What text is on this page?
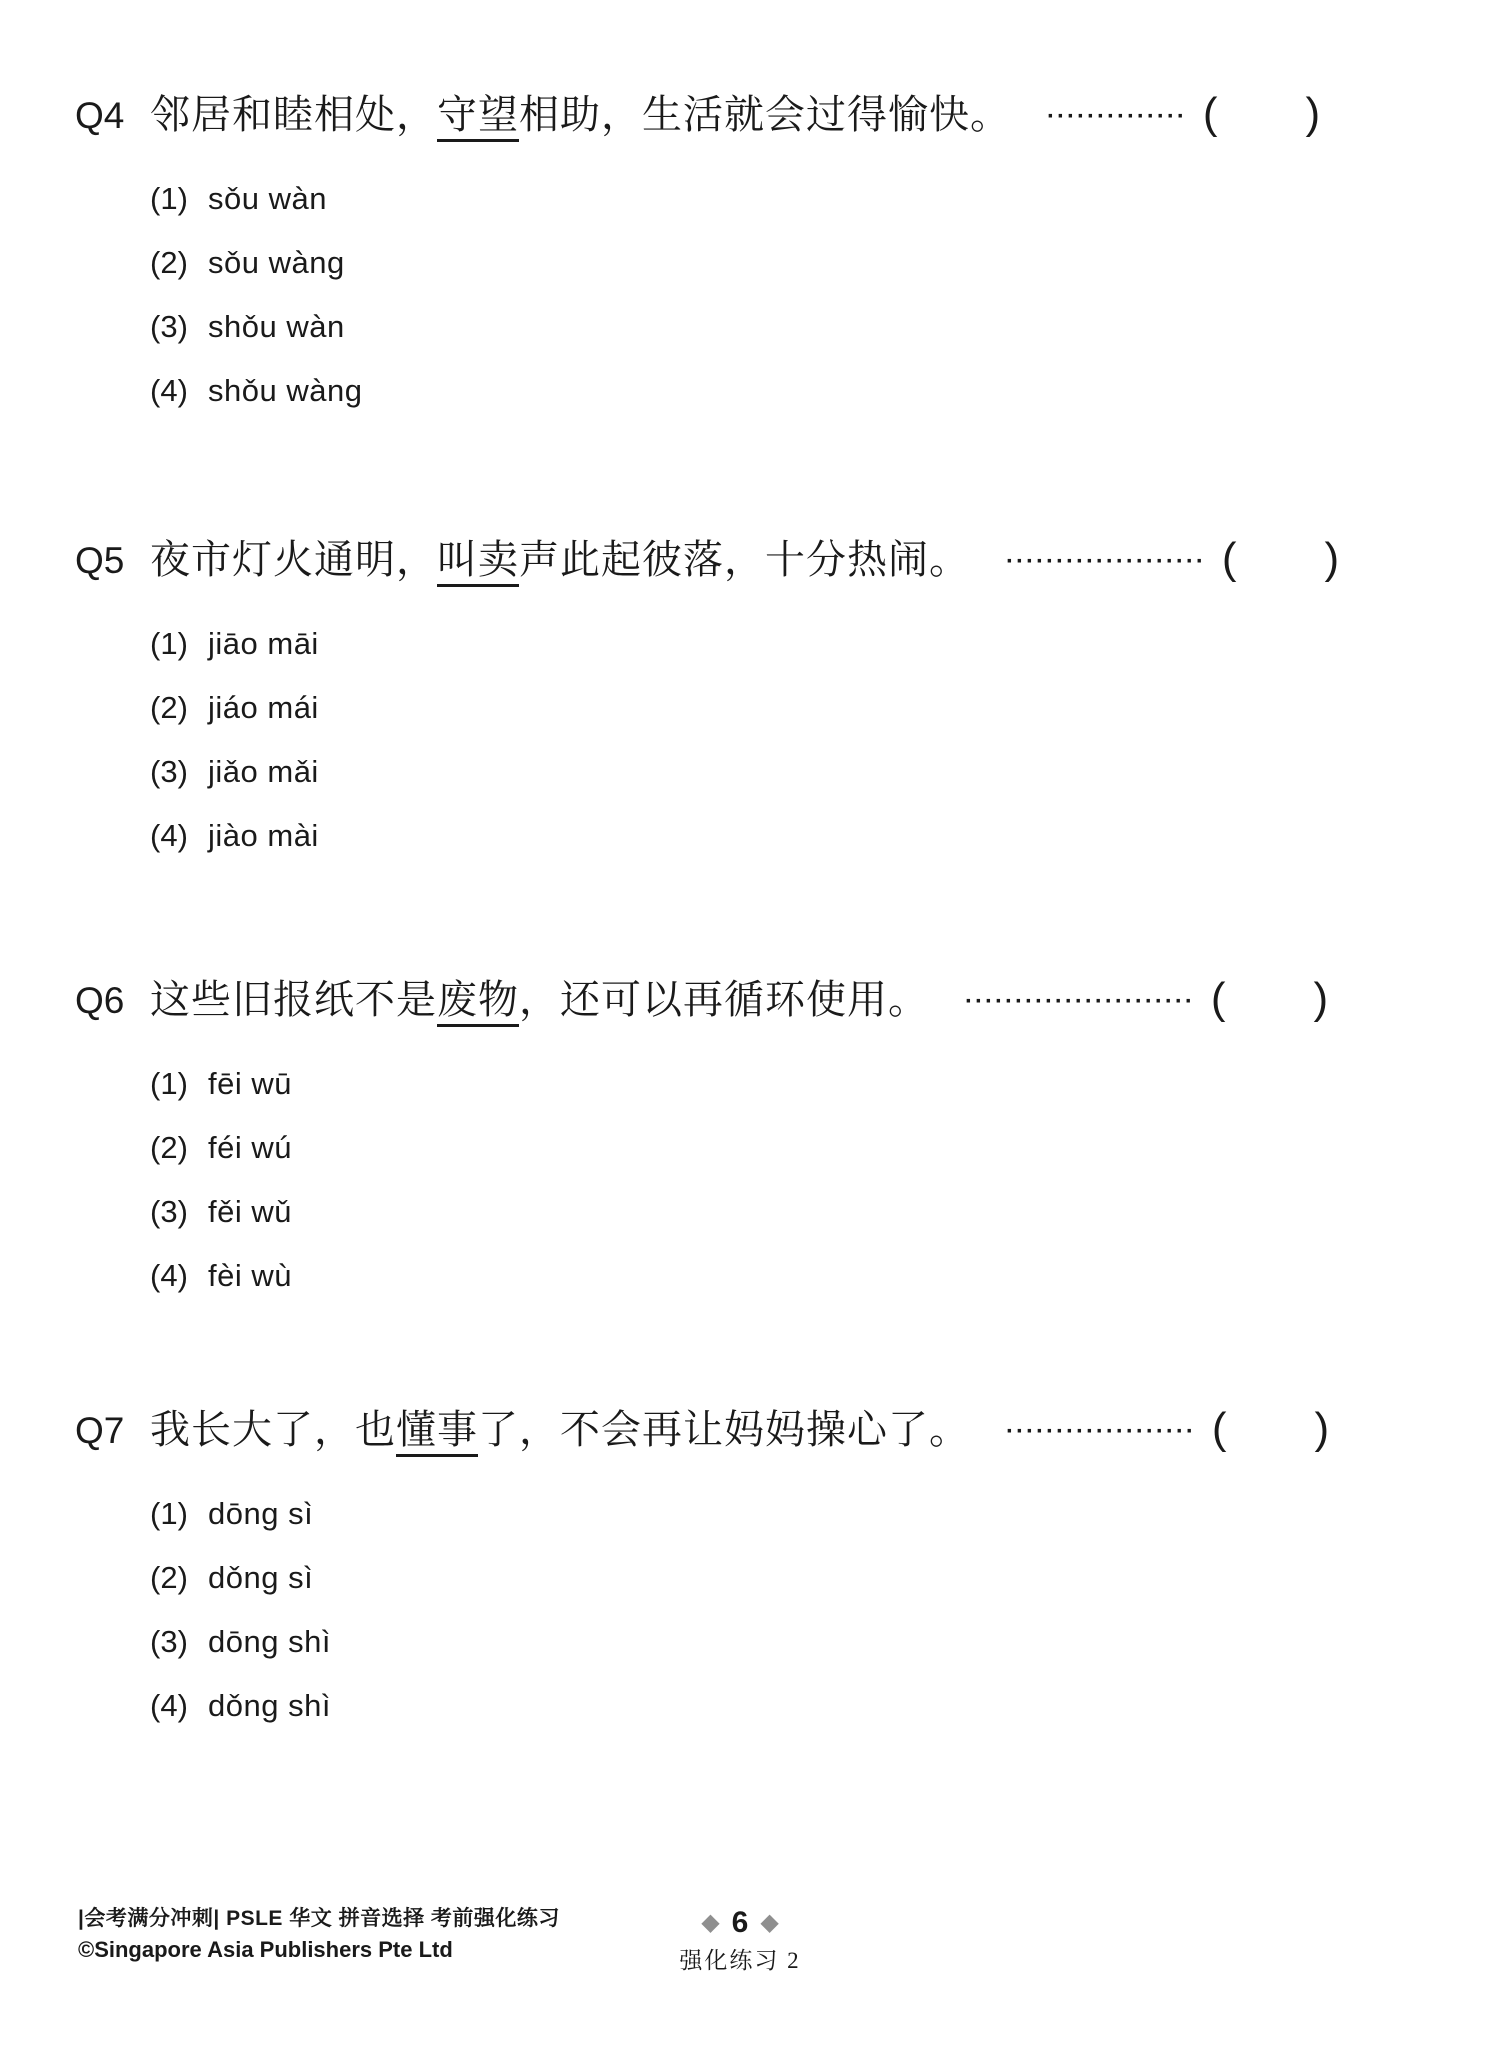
Q4 邻居和睦相处，守望相助，生活就会过得愉快。 ·············· ( )
(1) sǒu wàn
(2) sǒu wàng
(3) shǒu wàn
(4) shǒu wàng
Q5 夜市灯火通明，叫卖声此起彼落，十分热闹。 ···················· ( )
(1) jiāo māi
(2) jiáo mái
(3) jiǎo mǎi
(4) jiào mài
Q6 这些旧报纸不是废物，还可以再循环使用。 ······················· ( )
(1) fēi wū
(2) féi wú
(3) fěi wǔ
(4) fèi wù
Q7 我长大了，也懂事了，不会再让妈妈操心了。 ··················· ( )
(1) dōng sì
(2) dǒng sì
(3) dōng shì
(4) dǒng shì
|会考满分冲刺| PSLE 华文 拼音选择 考前强化练习
©Singapore Asia Publishers Pte Ltd
◆ 6 ◆
强化练习 2
